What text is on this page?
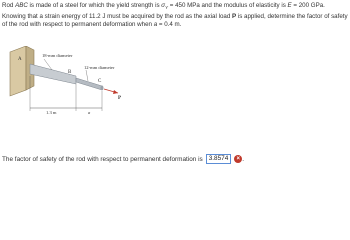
Rod ABC is made of a steel for which the yield strength is $\sigma_Y = 450$ MPa and the modulus of elasticity is E = 200 GPa. Knowing that a strain energy of 11.2 J must be acquired by the rod as the axial load P is applied, determine the factor of safety of the rod with respect to permanent deformation when a = 0.4 m.

A
B
C
P
18-mm diameter
12-mm diameter
1.3 m	a
The factor of safety of the rod with respect to permanent deformation is 3.8574	× .
